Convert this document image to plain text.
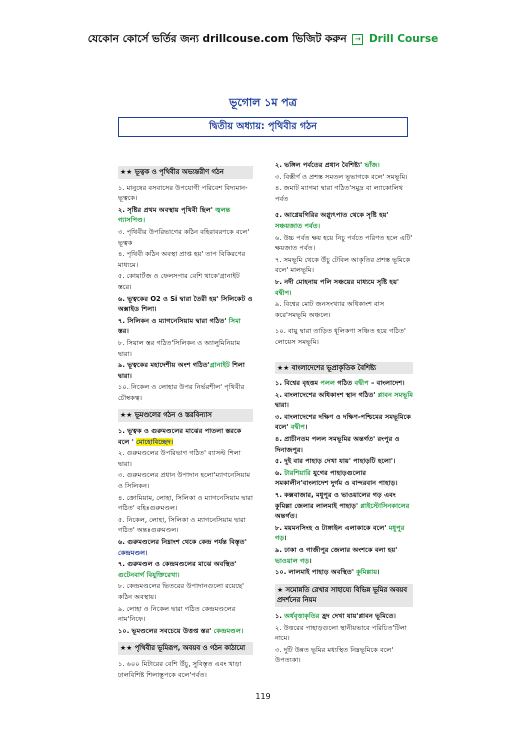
যেকোন কোর্সে ভর্তির জন্য drillcouse.com ভিজিট করুন → Drill Course
ভূগোল ১ম পত্র
দ্বিতীয় অধ্যায়: পৃথিবীর গঠন
★★ ভূত্বক ও পৃথিবীর অভ্যন্তরীণ গঠন
১. মানুষের বসবাসের উপযোগী পরিবেশ বিদ্যমান- ভূত্বকে।
২. সৃষ্টির প্রথম অবস্থায় পৃথিবী ছিল' জ্বলন্ত গ্যাসপিণ্ড।
৩. পৃথিবীর উপরিভাগের কঠিন বহিরাবরণকে বলে' ভূত্বক
৪. পৃথিবী কঠিন অবস্থা প্রাপ্ত হয়' তাপ বিকিরণের মাধ্যমে।
৫. কোয়ার্টজ ও ফেলসপার বেশি থাকে'গ্রানাইট স্তরে।
৬. ভূত্বকের O2 ও Si দ্বারা তৈরী হয়' সিলিকেট ও অক্সাইড শিলা।
৭. সিলিকন ও ম্যাগনেসিয়াম দ্বারা গঠিত' সিমা স্তর।
৮. সিয়াল স্তর গঠিত'সিলিকন ও অ্যালুমিনিয়াম দ্বারা।
৯. ভূত্বকের মহাদেশীয় অংশ গঠিত'গ্রানাইট শিলা দ্বারা।
১০. নিকেল ও লোহার উপর নির্ভরশীল' পৃথিবীর চৌম্বকত্ব।
★★ ভূমণ্ডলের গঠন ও স্তরবিন্যাস
১. ভূত্বক ও গুরুমণ্ডলের মাঝের পাতলা স্তরকে বলে ' মোহোবিচ্ছেদ।
২. গুরুমণ্ডলের উপরিভাগ গঠিত' ব্যাসল্ট শিলা দ্বারা।
৩. গুরুমণ্ডলের প্রধান উপাদান হলো'ম্যাগনেসিয়াম ও সিলিকন।
৪. ক্রোমিয়াম, লোহা, সিলিকা ও ম্যাগনেসিয়াম দ্বারা গঠিত' বহিঃগুরুমণ্ডল।
৫. নিকেল, লোহা, সিলিকা ও ম্যাগনেসিয়াম দ্বারা গঠিত' অন্তঃগুরুমণ্ডল।
৬. গুরুমণ্ডলের নিম্নাংশ থেকে কেন্দ্র পর্যন্ত বিস্তৃত' কেন্দ্রমণ্ডল।
৭. গুরুমণ্ডল ও কেন্দ্রমণ্ডলের মাঝে অবস্থিত' গুটেনবার্গ বিযুক্তিরেখা।
৮. কেন্দ্রমণ্ডলের ভিতরের উপাদানগুলো রয়েছে' কঠিন অবস্থায়।
৯. লোহা ও নিকেল দ্বারা গঠিত কেন্দ্রমণ্ডলের নাম'নিফে।
১০. ভূমণ্ডলের সবচেয়ে উত্তপ্ত স্তর' কেন্দ্রমণ্ডল।
★★ পৃথিবীর ভূমিরূপ, অবয়ব ও গঠন কাঠামো
১. ৬০০ মিটারের বেশি উঁচু, সুবিস্তৃত এবং খাড়া ঢালবিশিষ্ট শিলাস্তূপকে বলে'পর্বত।
২. ভঙ্গিল পর্বতের প্রধান বৈশিষ্ট্য' ভাঁজ।
৩. বিস্তীর্ণ ও প্রশস্ত সমতল ভূভাগকে বলে' সমভূমি।
৪. জমাট ম্যাগমা দ্বারা গঠিত'সমুদ্র বা ল্যাকোলিথ পর্বত
৫. আগ্নেয়গিরির অগ্ন্যুৎপাত থেকে সৃষ্টি হয়' সঞ্চয়জাত পর্বত।
৬. উচ্চ পর্বত ক্ষয় হয়ে নিচু পর্বতে পরিণত হলে এটি' ক্ষয়জাত পর্বত।
৭. সমভূমি থেকে উঁচু টেবিল আকৃতির প্রশস্ত ভূমিকে বলে' মালভূমি।
৮. নদী মোহনায় পলি সঞ্চয়ের মাধ্যমে সৃষ্টি হয়' বদ্বীপ।
৯. বিশ্বের মোট জনসংখ্যার অধিকাংশ বাস করে'সমভূমি অঞ্চলে।
১০. বায়ু দ্বারা তাড়িত ধূলিকণা সঞ্চিত হয়ে গঠিত' লোয়েস সমভূমি।
★★ বাংলাদেশের ভূপ্রাকৃতিক বৈশিষ্ট্য
১. বিশ্বের বৃহত্তম পলল গঠিত বদ্বীপ – বাংলাদেশ।
২. বাংলাদেশের অধিকাংশ স্থান গঠিত' প্লাবন সমভূমি দ্বারা।
৩. বাংলাদেশের দক্ষিণ ও দক্ষিণ-পশ্চিমের সমভূমিকে বলে' বদ্বীপ।
৪. প্রাচীনতম পলল সমভূমির অন্তর্গত' রংপুর ও দিনাজপুর।
৫. দুই বার পাহাড় দেখা যায়' পাহাড়টি হলো'।
৬. টারশিয়ারি যুগের পাহাড়গুলোর সমকালীন'বাংলাদেশ দুর্গম ও বান্দরবান পাহাড়।
৭. কক্সবাজার, মধুপুর ও ভাওয়ালের গড় এবং কুমিল্লা জেলার লালমাই পাহাড়' প্লাইস্টোসিনকালের অন্তর্গত।
৮. ময়মনসিংহ ও টাঙ্গাইল এলাকাকে বলে' মধুপুর গড়।
৯. ঢাকা ও গাজীপুর জেলার অংশকে বলা হয়' ভাওয়াল গড়।
১০. লালমাই পাহাড় অবস্থিত' কুমিল্লায়।
★ সমোন্নতি রেখার সাহায্যে বিভিন্ন ভূমির অবয়ব প্রদর্শনের নিয়ম
১. অর্ধবৃত্তাকৃতির হ্রদ দেখা যায়'প্লাবন ভূমিতে।
২. উত্তরের পাহাড়গুলো স্থানীয়ভাবে পরিচিত'টিলা নামে।
৩. দুটি উন্নত ভূমির মধ্যস্থিত নিম্নভূমিকে বলে' উপত্যকা।
119
